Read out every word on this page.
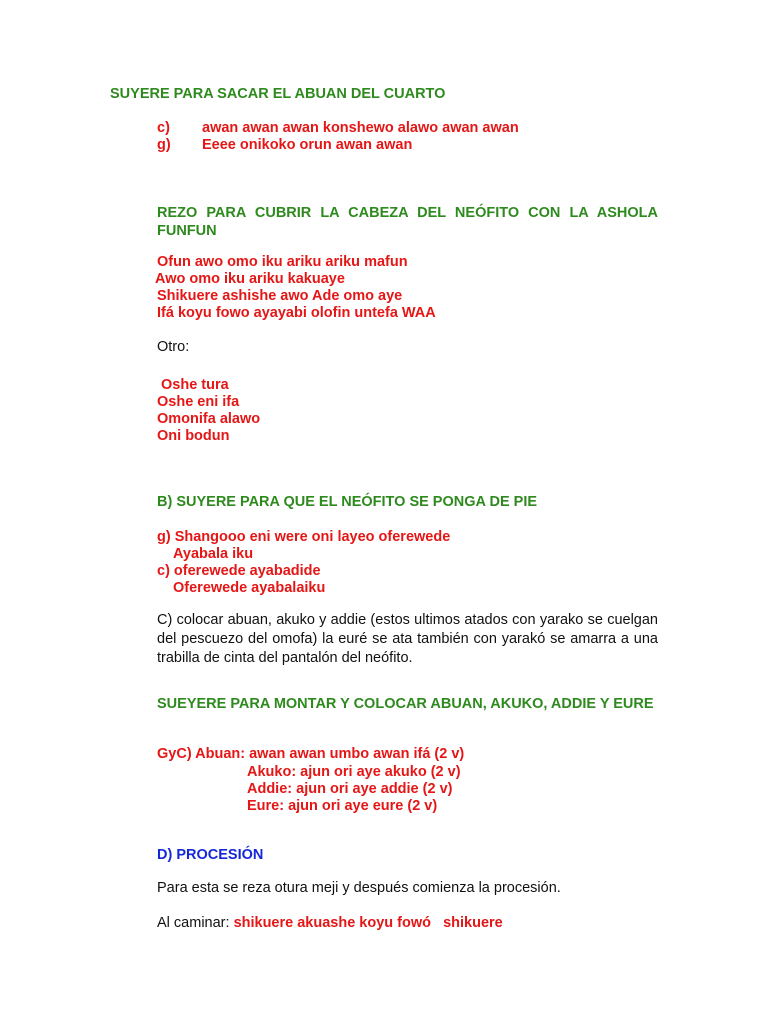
SUYERE PARA SACAR EL ABUAN DEL CUARTO
c) awan awan awan konshewo alawo awan awan
g) Eeee onikoko orun awan awan
REZO PARA CUBRIR LA CABEZA DEL NEÓFITO CON LA ASHOLA FUNFUN
Ofun awo omo iku ariku ariku mafun
Awo omo iku ariku kakuaye
Shikuere ashishe awo Ade omo aye
Ifá koyu fowo ayayabi olofin untefa WAA
Otro:
Oshe tura
Oshe eni ifa
Omonifa alawo
Oni bodun
B) SUYERE PARA QUE EL NEÓFITO SE PONGA DE PIE
g) Shangooo eni were oni layeo oferewede
Ayabala iku
c) oferewede ayabadide
Oferewede ayabalaiku
C) colocar abuan, akuko y addie (estos ultimos atados con yarako se cuelgan del pescuezo del omofa) la euré se ata también con yarakó se amarra a una trabilla de cinta del pantalón del neófito.
SUEYERE PARA MONTAR Y COLOCAR ABUAN, AKUKO, ADDIE Y EURE
GyC) Abuan: awan awan umbo awan ifá (2 v)
Akuko: ajun ori aye akuko (2 v)
Addie: ajun ori aye addie (2 v)
Eure: ajun ori aye eure (2 v)
D) PROCESIÓN
Para esta se reza otura meji y después comienza la procesión.
Al caminar: shikuere akuashe koyu fowó   shikuere
